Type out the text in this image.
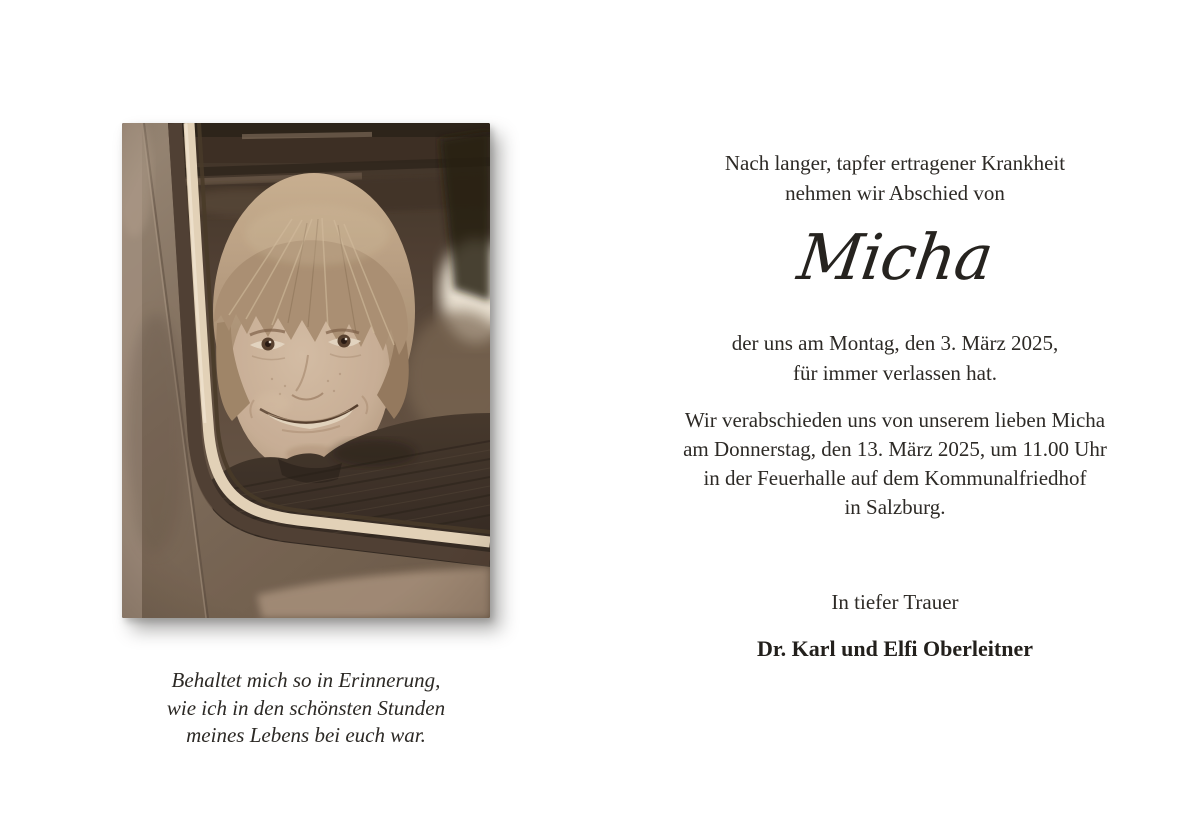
Behaltet mich so in Erinnerung,
wie ich in den schönsten Stunden
meines Lebens bei euch war.
Nach langer, tapfer ertragener Krankheit
nehmen wir Abschied von
Micha
der uns am Montag, den 3. März 2025,
für immer verlassen hat.
Wir verabschieden uns von unserem lieben Micha
am Donnerstag, den 13. März 2025, um 11.00 Uhr
in der Feuerhalle auf dem Kommunalfriedhof
in Salzburg.
In tiefer Trauer
Dr. Karl und Elfi Oberleitner
